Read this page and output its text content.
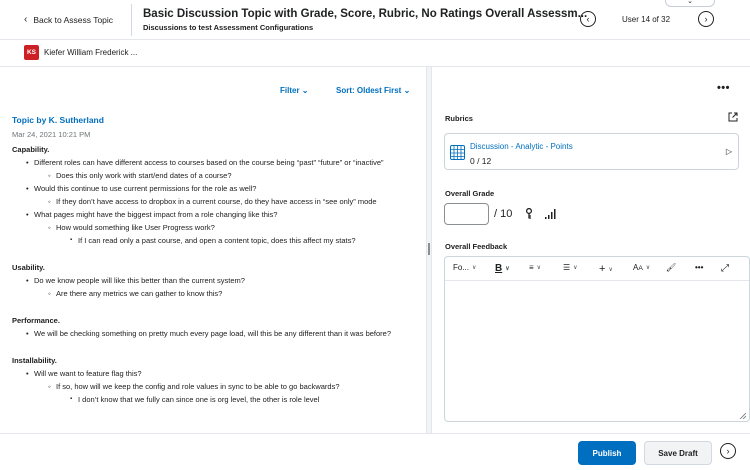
‹ Back to Assess Topic	Basic Discussion Topic with Grade, Score, Rubric, No Ratings Overall Assessm...
Discussions to test Assessment Configurations
‹	User 14 of 32	›
⌄
KS Kiefer William Frederick ...
Filter ⌄	Sort: Oldest First ⌄
Topic by K. Sutherland
Mar 24, 2021 10:21 PM
Capability.
• Different roles can have different access to courses based on the course being “past” “future” or “inactive”
◦ Does this only work with start/end dates of a course?
• Would this continue to use current permissions for the role as well?
◦ If they don’t have access to dropbox in a current course, do they have access in “see only” mode
• What pages might have the biggest impact from a role changing like this?
◦ How would something like User Progress work?
▪ If I can read only a past course, and open a content topic, does this affect my stats?
Usability.
• Do we know people will like this better than the current system?
◦ Are there any metrics we can gather to know this?
Performance.
• We will be checking something on pretty much every page load, will this be any different than it was before?
Installability.
• Will we want to feature flag this?
◦ If so, how will we keep the config and role values in sync to be able to go backwards?
▪ I don’t know that we fully can since one is org level, the other is role level
•••
Rubrics
Discussion - Analytic - Points
0 / 12
▷
Overall Grade
/ 10
Overall Feedback
Fo... ∨ B ∨ ≡ ∨	☰ ∨ + ∨	AA ∨ 🖌 ••• ⤢
Publish	Save Draft	›
